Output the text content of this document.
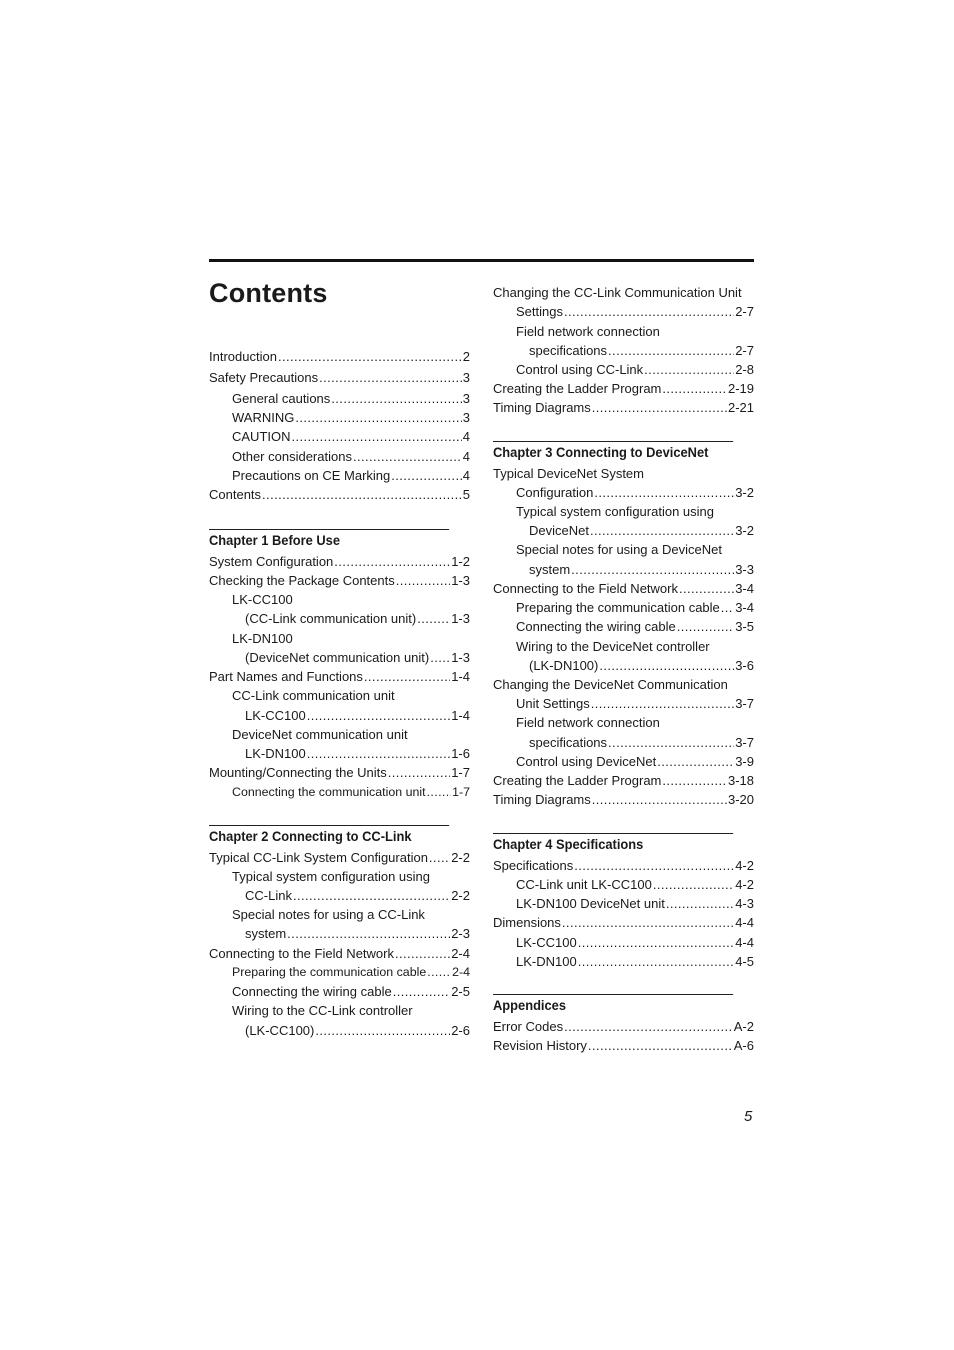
Contents
Introduction .....	2
Safety Precautions .....	3
General cautions .....	3
WARNING .....	3
CAUTION .....	4
Other considerations .....	4
Precautions on CE Marking .....	4
Contents .....	5
Chapter 1 Before Use
System Configuration .....	1-2
Checking the Package Contents .....	1-3
LK-CC100
(CC-Link communication unit) .....	1-3
LK-DN100
(DeviceNet communication unit) ..... 1-3
Part Names and Functions .....	1-4
CC-Link communication unit
LK-CC100 .....	1-4
DeviceNet communication unit
LK-DN100 .....	1-6
Mounting/Connecting the Units .....	1-7
Connecting the communication unit ..... 1-7
Chapter 2 Connecting to CC-Link
Typical CC-Link System Configuration ..... 2-2
Typical system configuration using
CC-Link .....	2-2
Special notes for using a CC-Link
system .....	2-3
Connecting to the Field Network .....	2-4
Preparing the communication cable ..... 2-4
Connecting the wiring cable .....	2-5
Wiring to the CC-Link controller
(LK-CC100) .....	2-6
Changing the CC-Link Communication Unit
Settings .....	2-7
Field network connection
specifications .....	2-7
Control using CC-Link .....	2-8
Creating the Ladder Program .....	2-19
Timing Diagrams .....	2-21
Chapter 3 Connecting to DeviceNet
Typical DeviceNet System
Configuration .....	3-2
Typical system configuration using
DeviceNet .....	3-2
Special notes for using a DeviceNet
system .....	3-3
Connecting to the Field Network .....	3-4
Preparing the communication cable ..... 3-4
Connecting the wiring cable .....	3-5
Wiring to the DeviceNet controller
(LK-DN100) .....	3-6
Changing the DeviceNet Communication
Unit Settings .....	3-7
Field network connection
specifications .....	3-7
Control using DeviceNet .....	3-9
Creating the Ladder Program .....	3-18
Timing Diagrams .....	3-20
Chapter 4 Specifications
Specifications .....	4-2
CC-Link unit LK-CC100 .....	4-2
LK-DN100 DeviceNet unit .....	4-3
Dimensions .....	4-4
LK-CC100 .....	4-4
LK-DN100 .....	4-5
Appendices
Error Codes .....	A-2
Revision History .....	A-6
5
